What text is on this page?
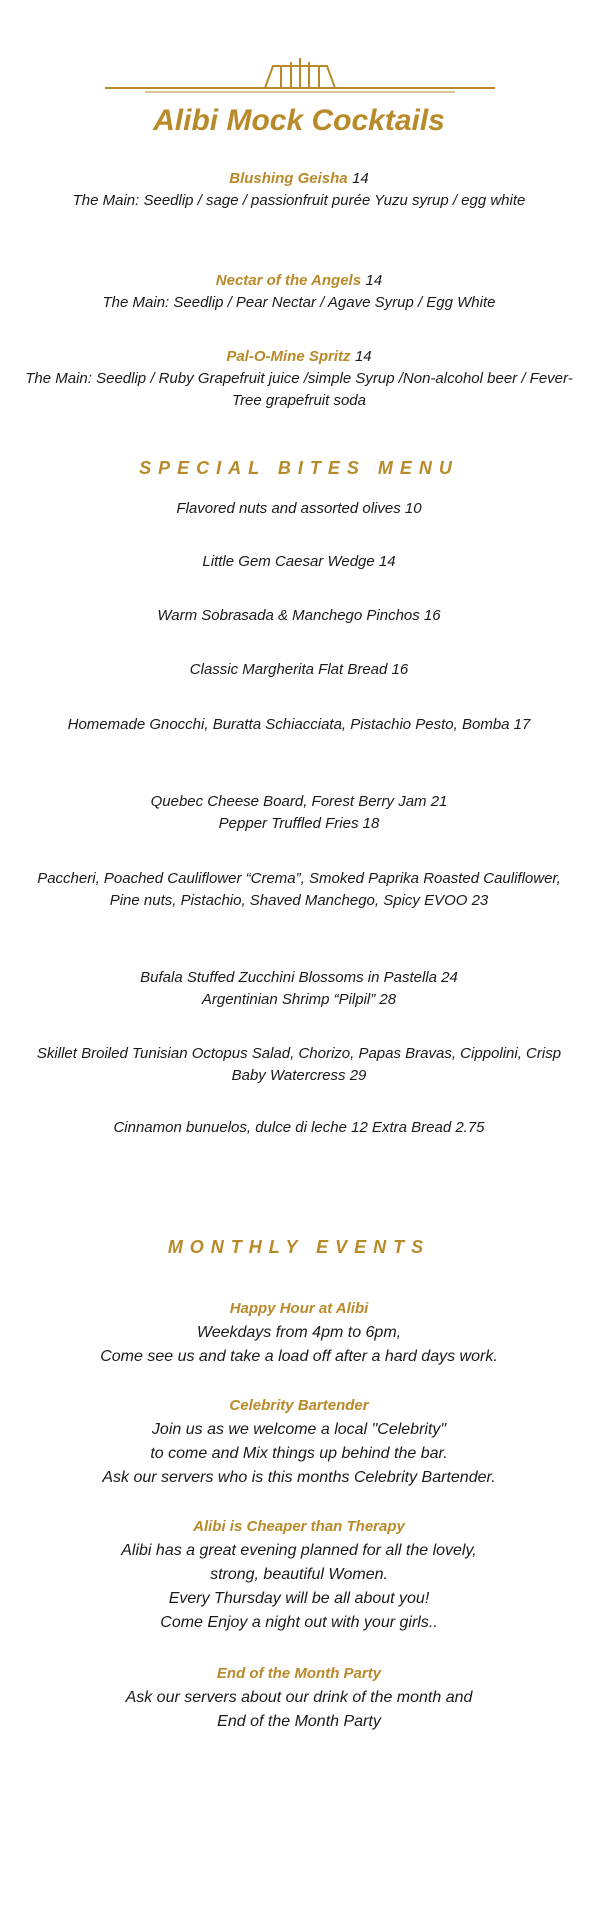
Alibi Mock Cocktails
Blushing Geisha 14
The Main: Seedlip / sage / passionfruit purée Yuzu syrup / egg white
Nectar of the Angels 14
The Main: Seedlip / Pear Nectar / Agave Syrup / Egg White
Pal-O-Mine Spritz 14
The Main: Seedlip / Ruby Grapefruit juice /simple Syrup /Non-alcohol beer / Fever-Tree grapefruit soda
SPECIAL BITES MENU
Flavored nuts and assorted olives 10
Little Gem Caesar Wedge 14
Warm Sobrasada & Manchego Pinchos 16
Classic Margherita Flat Bread 16
Homemade Gnocchi, Buratta Schiacciata, Pistachio Pesto, Bomba 17
Quebec Cheese Board, Forest Berry Jam 21
Pepper Truffled Fries 18
Paccheri, Poached Cauliflower “Crema”, Smoked Paprika Roasted Cauliflower, Pine nuts, Pistachio, Shaved Manchego, Spicy EVOO 23
Bufala Stuffed Zucchini Blossoms in Pastella 24
Argentinian Shrimp “Pilpil” 28
Skillet Broiled Tunisian Octopus Salad, Chorizo, Papas Bravas, Cippolini, Crisp Baby Watercress 29
Cinnamon bunuelos, dulce di leche 12 Extra Bread 2.75
MONTHLY EVENTS
Happy Hour at Alibi
Weekdays from 4pm to 6pm,
Come see us and take a load off after a hard days work.
Celebrity Bartender
Join us as we welcome a local "Celebrity"
to come and Mix things up behind the bar.
Ask our servers who is this months Celebrity Bartender.
Alibi is Cheaper than Therapy
Alibi has a great evening planned for all the lovely,
strong, beautiful Women.
Every Thursday will be all about you!
Come Enjoy a night out with your girls..
End of the Month Party
Ask our servers about our drink of the month and
End of the Month Party
